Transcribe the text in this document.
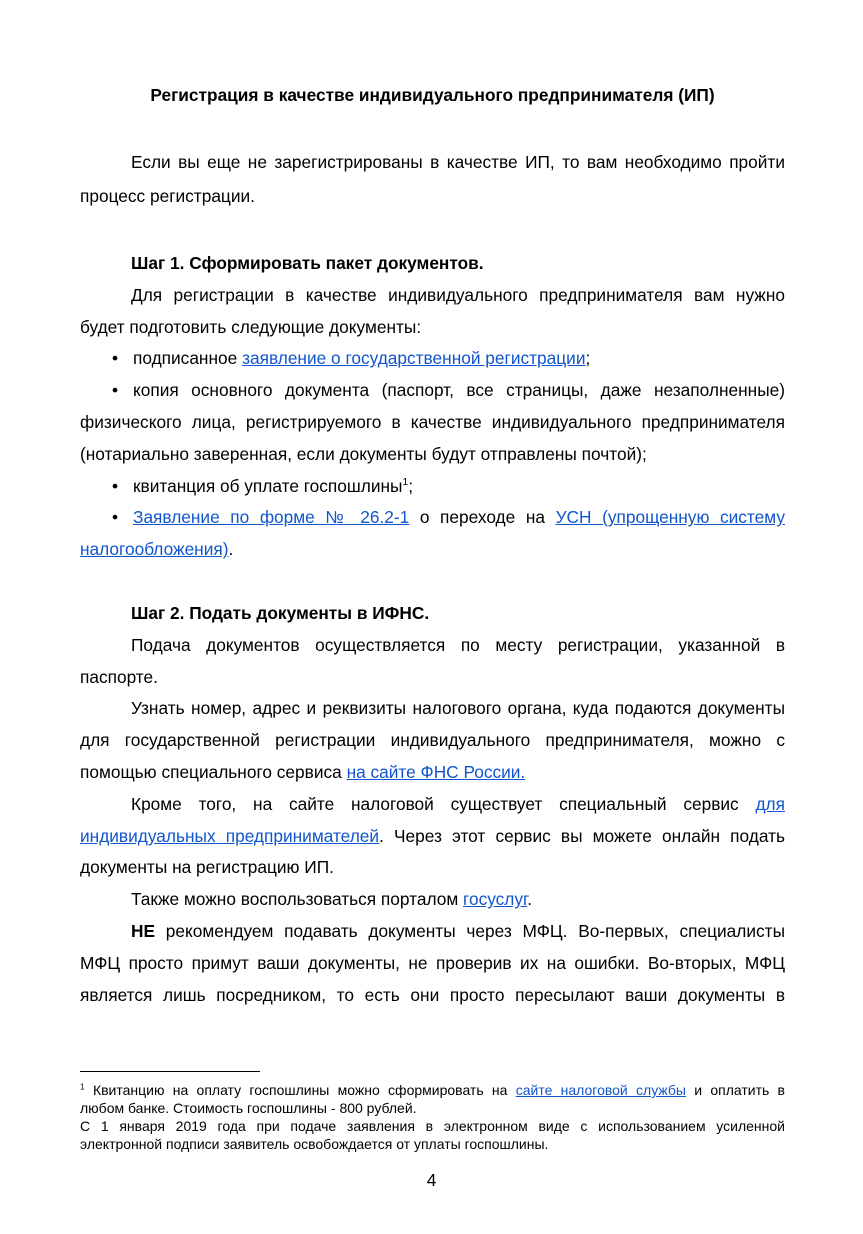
Регистрация в качестве индивидуального предпринимателя (ИП)
Если вы еще не зарегистрированы в качестве ИП, то вам необходимо пройти
процесс регистрации.
Шаг 1. Сформировать пакет документов.
Для регистрации в качестве индивидуального предпринимателя вам нужно
будет подготовить следующие документы:
• подписанное заявление о государственной регистрации;
• копия основного документа (паспорт, все страницы, даже незаполненные)
физического лица, регистрируемого в качестве индивидуального предпринимателя
(нотариально заверенная, если документы будут отправлены почтой);
• квитанция об уплате госпошлины$^1$;
• Заявление по форме № 26.2-1 о переходе на УСН (упрощенную систему
налогообложения).
Шаг 2. Подать документы в ИФНС.
Подача документов осуществляется по месту регистрации, указанной в
паспорте.
Узнать номер, адрес и реквизиты налогового органа, куда подаются документы
для государственной регистрации индивидуального предпринимателя, можно с
помощью специального сервиса на сайте ФНС России.
Кроме того, на сайте налоговой существует специальный сервис для
индивидуальных предпринимателей. Через этот сервис вы можете онлайн подать
документы на регистрацию ИП.
Также можно воспользоваться порталом госуслуг.
НЕ рекомендуем подавать документы через МФЦ. Во-первых, специалисты
МФЦ просто примут ваши документы, не проверив их на ошибки. Во-вторых, МФЦ
является лишь посредником, то есть они просто пересылают ваши документы в
$^1$ Квитанцию на оплату госпошлины можно сформировать на сайте налоговой службы и оплатить в
любом банке. Стоимость госпошлины - 800 рублей.
С 1 января 2019 года при подаче заявления в электронном виде с использованием усиленной
электронной подписи заявитель освобождается от уплаты госпошлины.
4
